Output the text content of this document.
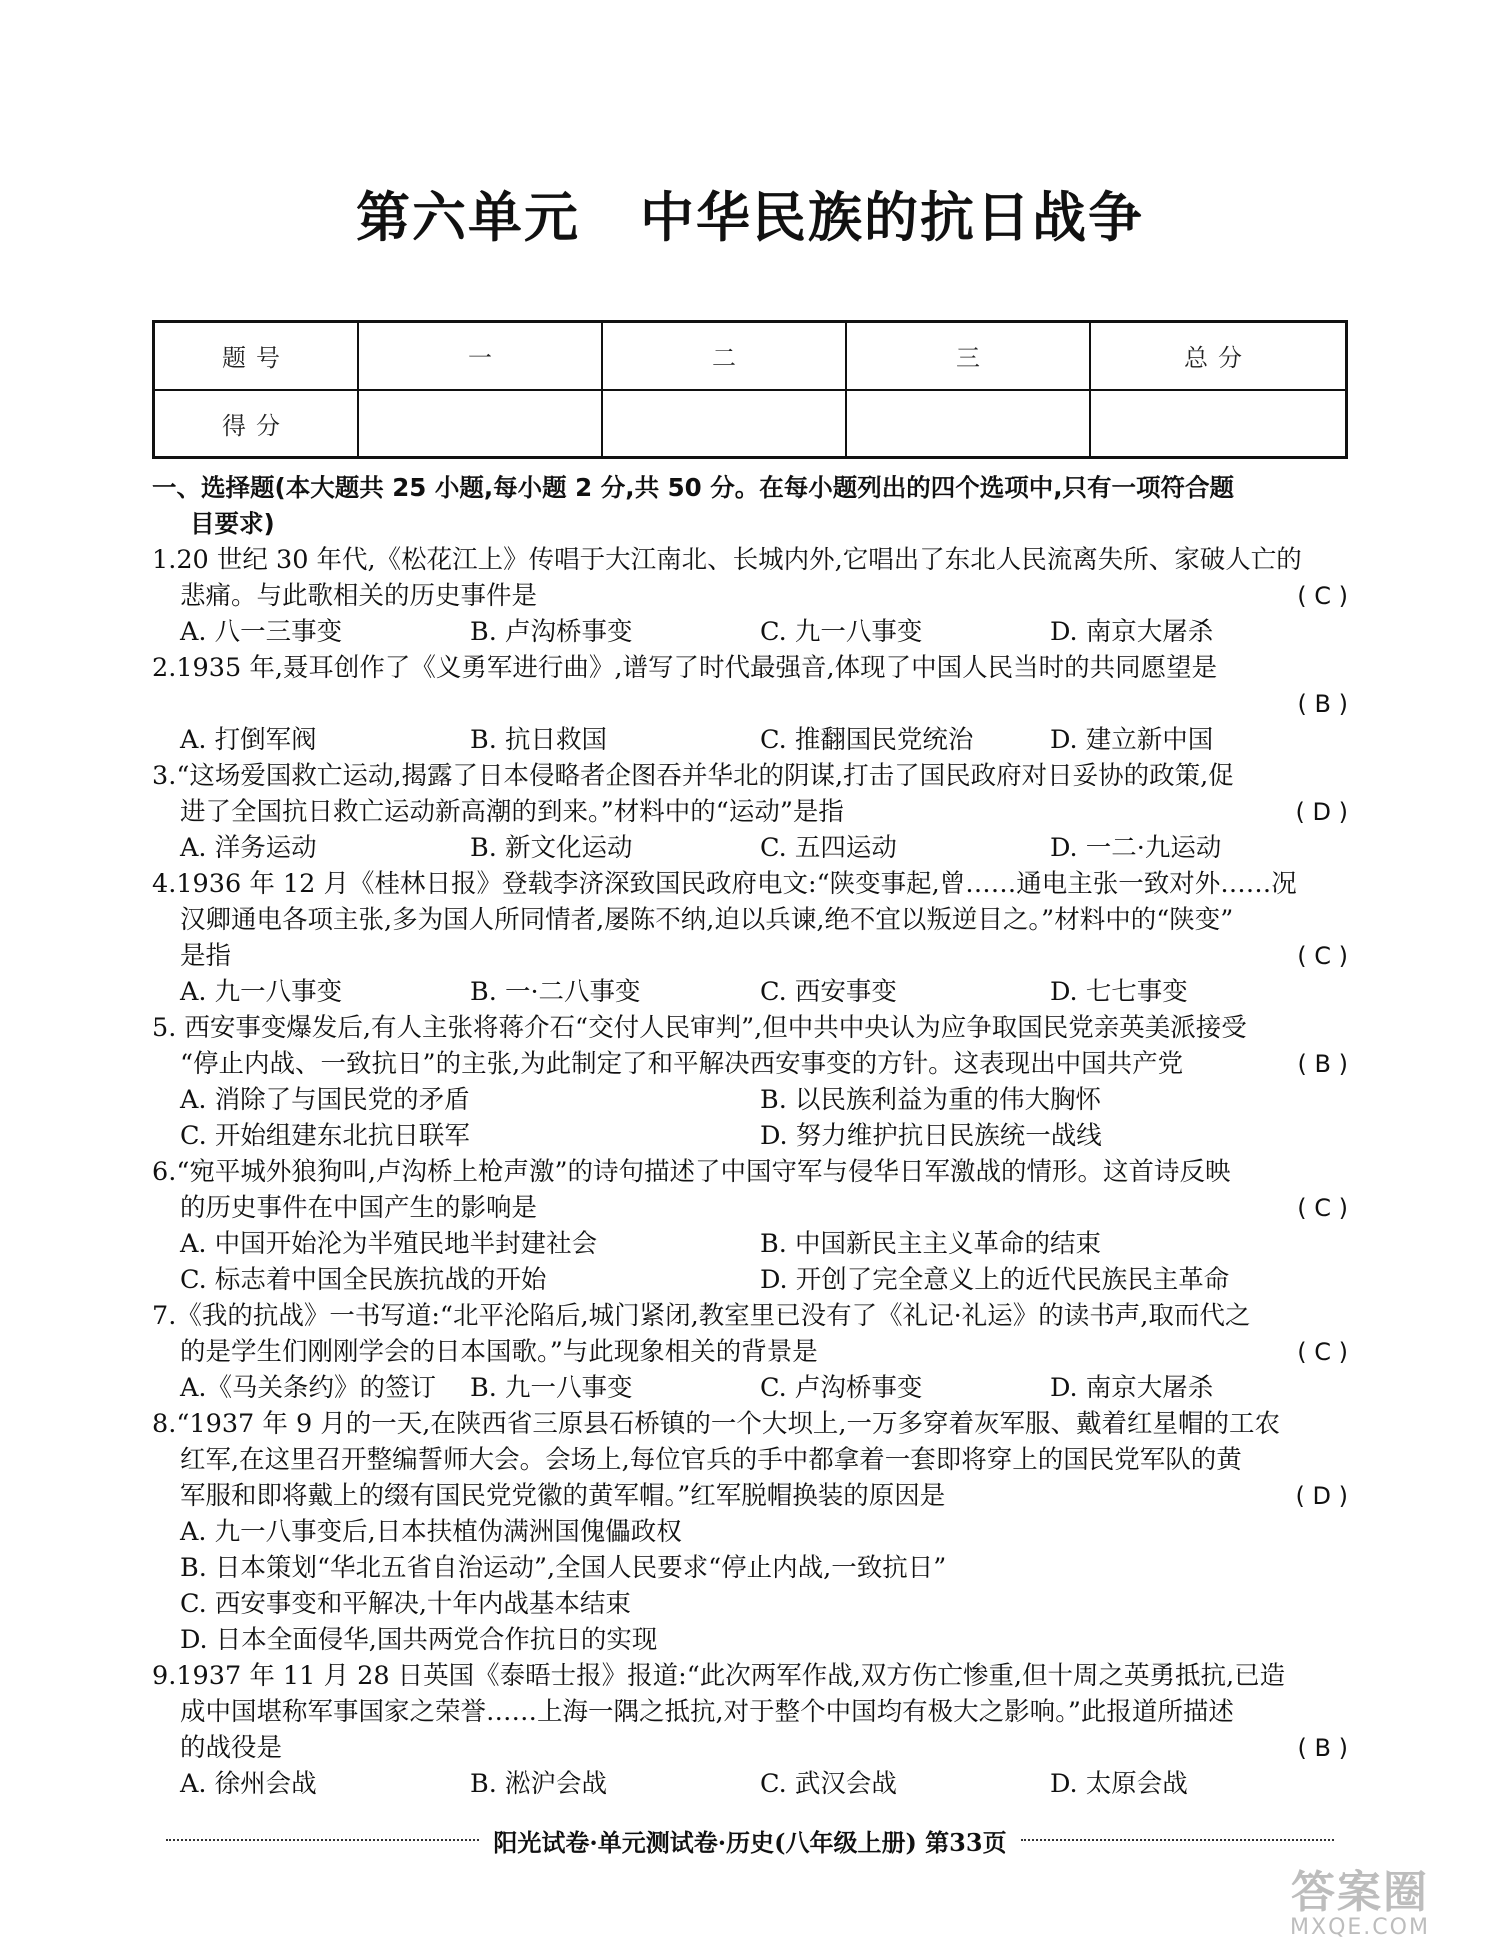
第六单元 中华民族的抗日战争
题号	一	二	三	总分
得分				
一、选择题(本大题共 25 小题,每小题 2 分,共 50 分。在每小题列出的四个选项中,只有一项符合题
目要求)
1.20 世纪 30 年代,《松花江上》传唱于大江南北、长城内外,它唱出了东北人民流离失所、家破人亡的
悲痛。与此歌相关的历史事件是	( C )
A. 八一三事变	B. 卢沟桥事变	C. 九一八事变	D. 南京大屠杀
2.1935 年,聂耳创作了《义勇军进行曲》,谱写了时代最强音,体现了中国人民当时的共同愿望是
( B )
A. 打倒军阀	B. 抗日救国	C. 推翻国民党统治	D. 建立新中国
3.“这场爱国救亡运动,揭露了日本侵略者企图吞并华北的阴谋,打击了国民政府对日妥协的政策,促
进了全国抗日救亡运动新高潮的到来。”材料中的“运动”是指	( D )
A. 洋务运动	B. 新文化运动	C. 五四运动	D. 一二·九运动
4.1936 年 12 月《桂林日报》登载李济深致国民政府电文:“陕变事起,曾……通电主张一致对外……况
汉卿通电各项主张,多为国人所同情者,屡陈不纳,迫以兵谏,绝不宜以叛逆目之。”材料中的“陕变”
是指	( C )
A. 九一八事变	B. 一·二八事变	C. 西安事变	D. 七七事变
5. 西安事变爆发后,有人主张将蒋介石“交付人民审判”,但中共中央认为应争取国民党亲英美派接受
“停止内战、一致抗日”的主张,为此制定了和平解决西安事变的方针。这表现出中国共产党	( B )
A. 消除了与国民党的矛盾	B. 以民族利益为重的伟大胸怀
C. 开始组建东北抗日联军	D. 努力维护抗日民族统一战线
6.“宛平城外狼狗叫,卢沟桥上枪声激”的诗句描述了中国守军与侵华日军激战的情形。这首诗反映
的历史事件在中国产生的影响是	( C )
A. 中国开始沦为半殖民地半封建社会	B. 中国新民主主义革命的结束
C. 标志着中国全民族抗战的开始	D. 开创了完全意义上的近代民族民主革命
7.《我的抗战》一书写道:“北平沦陷后,城门紧闭,教室里已没有了《礼记·礼运》的读书声,取而代之
的是学生们刚刚学会的日本国歌。”与此现象相关的背景是	( C )
A.《马关条约》的签订	B. 九一八事变	C. 卢沟桥事变	D. 南京大屠杀
8.“1937 年 9 月的一天,在陕西省三原县石桥镇的一个大坝上,一万多穿着灰军服、戴着红星帽的工农
红军,在这里召开整编誓师大会。会场上,每位官兵的手中都拿着一套即将穿上的国民党军队的黄
军服和即将戴上的缀有国民党党徽的黄军帽。”红军脱帽换装的原因是	( D )
A. 九一八事变后,日本扶植伪满洲国傀儡政权
B. 日本策划“华北五省自治运动”,全国人民要求“停止内战,一致抗日”
C. 西安事变和平解决,十年内战基本结束
D. 日本全面侵华,国共两党合作抗日的实现
9.1937 年 11 月 28 日英国《泰晤士报》报道:“此次两军作战,双方伤亡惨重,但十周之英勇抵抗,已造
成中国堪称军事国家之荣誉……上海一隅之抵抗,对于整个中国均有极大之影响。”此报道所描述
的战役是	( B )
A. 徐州会战	B. 淞沪会战	C. 武汉会战	D. 太原会战
阳光试卷·单元测试卷·历史(八年级上册) 第33页
答案圈
MXQE.COM
